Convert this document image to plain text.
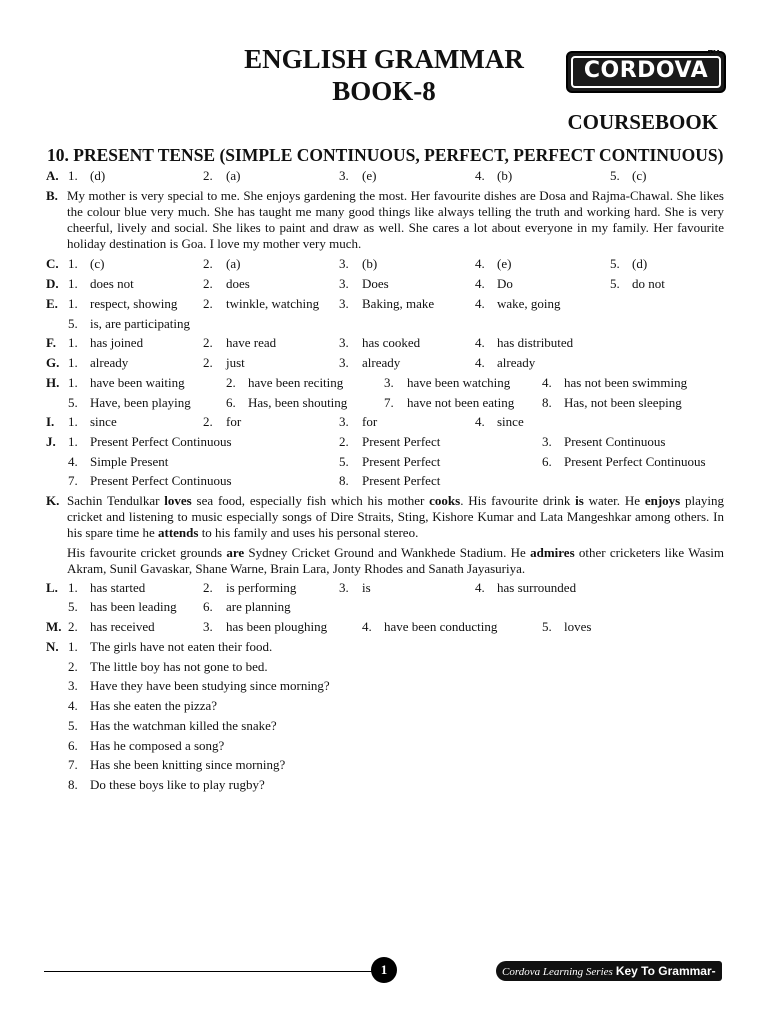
ENGLISH GRAMMAR
BOOK-8
CORDOVA
TM
COURSEBOOK
10. PRESENT TENSE (SIMPLE CONTINUOUS, PERFECT, PERFECT CONTINUOUS)
A. 1. (d)	2. (a)	3. (e)	4. (b)	5. (c)
B. My mother is very special to me. She enjoys gardening the most. Her favourite dishes are Dosa and Rajma-Chawal. She likes the colour blue very much. She has taught me many good things like always telling the truth and working hard. She is very cheerful, lively and social. She likes to paint and draw as well. She cares a lot about everyone in my family. Her favourite holiday destination is Goa. I love my mother very much.
C. 1. (c)	2. (a)	3. (b)	4. (e)	5. (d)
D. 1. does not	2. does	3. Does	4. Do	5. do not
E. 1. respect, showing 2. twinkle, watching 3. Baking, make	4. wake, going
5. is, are participating
F. 1. has joined	2. have read	3. has cooked	4. has distributed
G. 1. already	2. just	3. already	4. already
H. 1. have been waiting	2. have been reciting	3. have been watching 4. has not been swimming
5. Have, been playing	6. Has, been shouting	7. have not been eating 8. Has, not been sleeping
I. 1. since	2. for	3. for	4. since
J. 1. Present Perfect Continuous	2. Present Perfect	3. Present Continuous
4. Simple Present	5. Present Perfect	6. Present Perfect Continuous
7. Present Perfect Continuous	8. Present Perfect
K. Sachin Tendulkar loves sea food, especially fish which his mother cooks. His favourite drink is water. He enjoys playing cricket and listening to music especially songs of Dire Straits, Sting, Kishore Kumar and Lata Mangeshkar among others. In his spare time he attends to his family and uses his personal stereo.
His favourite cricket grounds are Sydney Cricket Ground and Wankhede Stadium. He admires other cricketers like Wasim Akram, Sunil Gavaskar, Shane Warne, Brain Lara, Jonty Rhodes and Sanath Jayasuriya.
L. 1. has started	2. is performing	3. is	4. has surrounded
5. has been leading 6. are planning
M. 2. has received	3. has been ploughing	4. have been conducting	5. loves
N. 1. The girls have not eaten their food.
2. The little boy has not gone to bed.
3. Have they have been studying since morning?
4. Has she eaten the pizza?
5. Has the watchman killed the snake?
6. Has he composed a song?
7. Has she been knitting since morning?
8. Do these boys like to play rugby?
1	Cordova Learning Series Key To Grammar-8
